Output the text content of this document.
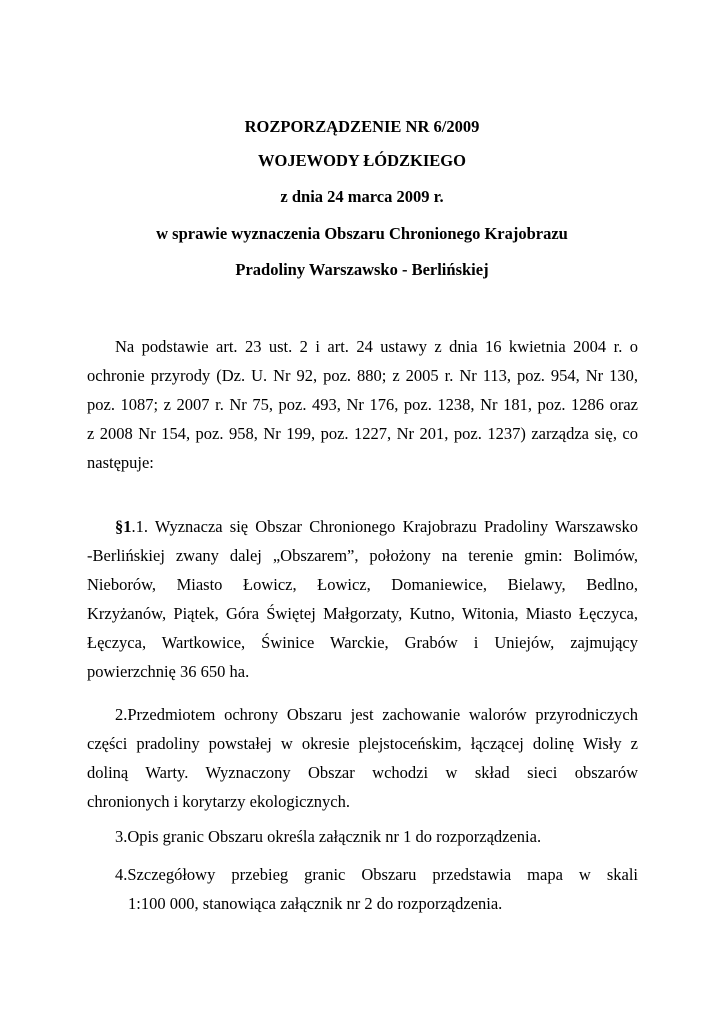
ROZPORZĄDZENIE NR 6/2009
WOJEWODY ŁÓDZKIEGO
z dnia 24 marca 2009 r.
w sprawie wyznaczenia Obszaru Chronionego Krajobrazu
Pradoliny Warszawsko - Berlińskiej
Na podstawie art. 23 ust. 2 i art. 24 ustawy z dnia 16 kwietnia 2004 r. o
ochronie przyrody (Dz. U. Nr 92, poz. 880; z 2005 r. Nr 113, poz. 954, Nr 130,
poz. 1087; z 2007 r. Nr 75, poz. 493, Nr 176, poz. 1238, Nr 181, poz. 1286 oraz
z 2008 Nr 154, poz. 958, Nr 199, poz. 1227, Nr 201, poz. 1237) zarządza się, co
następuje:
§1.1. Wyznacza się Obszar Chronionego Krajobrazu Pradoliny Warszawsko
-Berlińskiej zwany dalej „Obszarem”, położony na terenie gmin: Bolimów,
Nieborów, Miasto Łowicz, Łowicz, Domaniewice, Bielawy, Bedlno,
Krzyżanów, Piątek, Góra Świętej Małgorzaty, Kutno, Witonia, Miasto Łęczyca,
Łęczyca, Wartkowice, Świnice Warckie, Grabów i Uniejów, zajmujący
powierzchnię 36 650 ha.
2.Przedmiotem ochrony Obszaru jest zachowanie walorów przyrodniczych
części pradoliny powstałej w okresie plejstoceńskim, łączącej dolinę Wisły z
doliną Warty. Wyznaczony Obszar wchodzi w skład sieci obszarów
chronionych i korytarzy ekologicznych.
3.Opis granic Obszaru określa załącznik nr 1 do rozporządzenia.
4.Szczegółowy przebieg granic Obszaru przedstawia mapa w skali
1:100 000, stanowiąca załącznik nr 2 do rozporządzenia.
